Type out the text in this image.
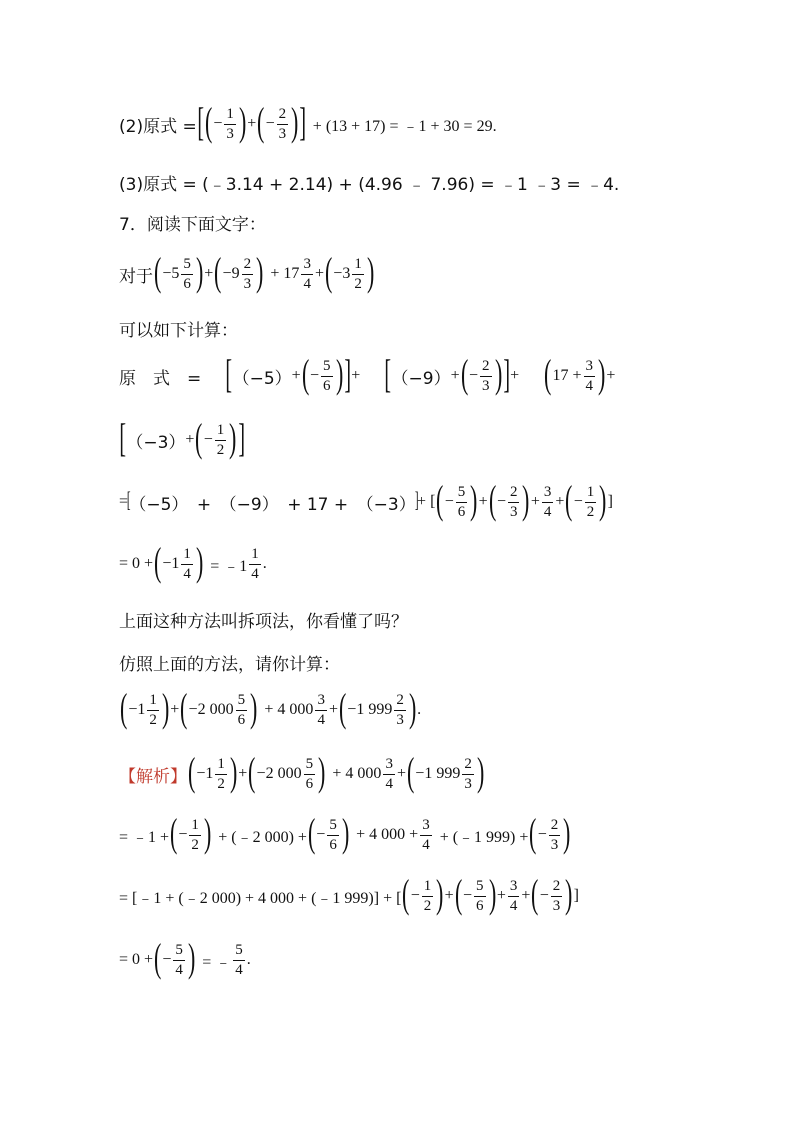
(2)原式 = [ ( − $\frac{1}{3}$ ) + ( − $\frac{2}{3}$ ) ] + (13 + 17) = ﹣1 + 30 = 29.
(3)原式 = (﹣3.14 + 2.14) + (4.96 ﹣ 7.96) = ﹣1 ﹣3 = ﹣4.
7．阅读下面文字：
对于 ( $-5 \frac{5}{6}$ ) + ( $-9 \frac{2}{3}$ ) + $17 \frac{3}{4}$ + ( $-3 \frac{1}{2}$ )
可以如下计算：
原　式　= [ （−5） + ( − $\frac{5}{6}$ ) ] + [ （−9） + ( − $\frac{2}{3}$ ) ] + ( $17 + \frac{3}{4}$ ) +
[ （−3） + ( − $\frac{1}{2}$ ) ]
=
[
（−5）　+　（−9）　+ 17 +　（−3）
]
+ [ ( − $\frac{5}{6}$ ) + ( − $\frac{2}{3}$ ) + $\frac{3}{4}$ + ( − $\frac{1}{2}$ ) ]
= 0 + ( $-1 \frac{1}{4}$ ) = ﹣1 $\frac{1}{4}$ .
上面这种方法叫拆项法，你看懂了吗？
仿照上面的方法，请你计算：
( $-1 \frac{1}{2}$ ) + ( −2 $000 \frac{5}{6}$ ) + 4 $000 \frac{3}{4}$ + ( −1 $999 \frac{2}{3}$ ) .
【解析】 ( $-1 \frac{1}{2}$ ) + ( −2 $000 \frac{5}{6}$ ) + 4 $000 \frac{3}{4}$ + ( −1 $999 \frac{2}{3}$ )
= ﹣1 + ( − $\frac{1}{2}$ ) + (﹣2 000) + ( − $\frac{5}{6}$ ) + 4 $000 + \frac{3}{4}$ + (﹣1 999) + ( − $\frac{2}{3}$ )
= [﹣1 + (﹣2 000) + 4 000 + (﹣1 999)] + [ ( − $\frac{1}{2}$ ) + ( − $\frac{5}{6}$ ) + $\frac{3}{4}$ + ( − $\frac{2}{3}$ ) ]
= 0 + ( − $\frac{5}{4}$ ) = ﹣ $\frac{5}{4}$ .
